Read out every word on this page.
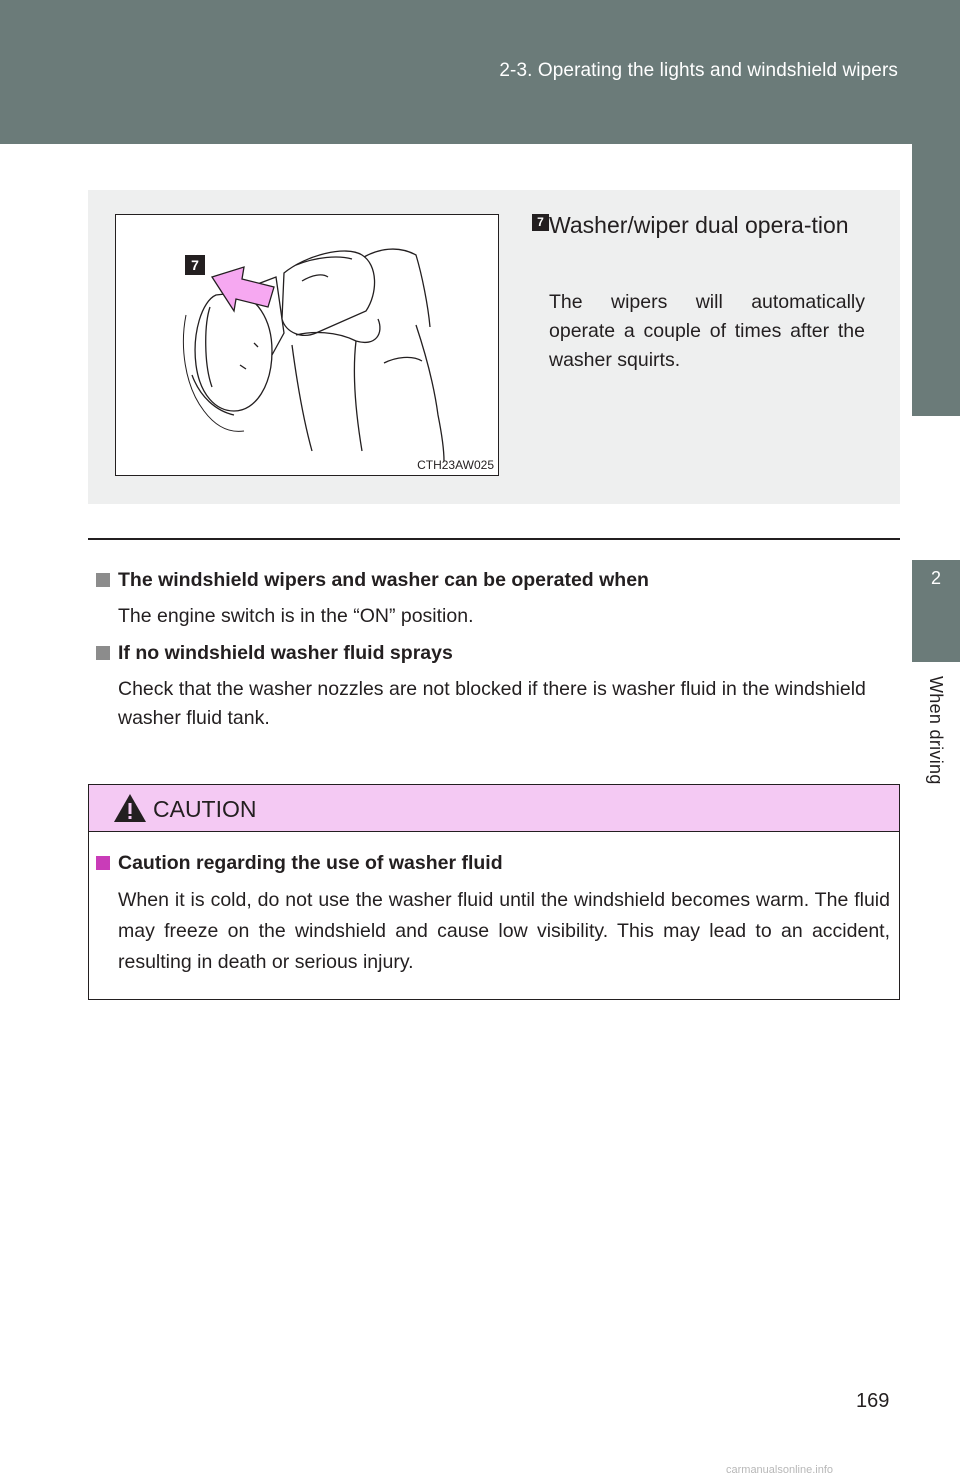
2-3. Operating the lights and windshield wipers
2
When driving
7
CTH23AW025
7 Washer/wiper dual opera-tion
The wipers will automatically operate a couple of times after the washer squirts.
The windshield wipers and washer can be operated when
The engine switch is in the “ON” position.
If no windshield washer fluid sprays
Check that the washer nozzles are not blocked if there is washer fluid in the windshield washer fluid tank.
CAUTION
Caution regarding the use of washer fluid
When it is cold, do not use the washer fluid until the windshield becomes warm. The fluid may freeze on the windshield and cause low visibility. This may lead to an accident, resulting in death or serious injury.
169
carmanualsonline.info
